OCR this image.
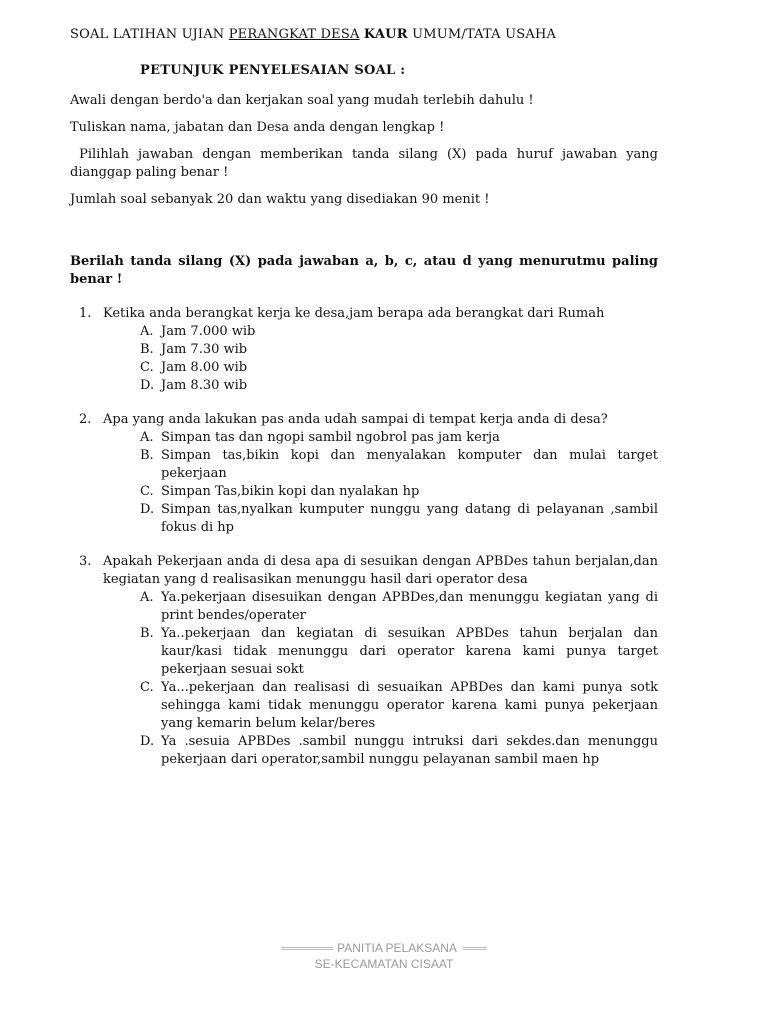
SOAL LATIHAN UJIAN PERANGKAT DESA KAUR UMUM/TATA USAHA
PETUNJUK PENYELESAIAN SOAL :
Awali dengan berdo'a dan kerjakan soal yang mudah terlebih dahulu !
Tuliskan nama, jabatan dan Desa anda dengan lengkap !
Pilihlah jawaban dengan memberikan tanda silang (X) pada huruf jawaban yang dianggap paling benar !
Jumlah soal sebanyak 20 dan waktu yang disediakan 90 menit !
Berilah tanda silang (X) pada jawaban a, b, c, atau d yang menurutmu paling benar !
1. Ketika anda berangkat kerja ke desa,jam berapa ada berangkat dari Rumah
A. Jam 7.000 wib
B. Jam 7.30 wib
C. Jam 8.00 wib
D. Jam 8.30 wib
2. Apa yang anda lakukan pas anda udah sampai di tempat kerja anda di desa?
A. Simpan tas dan ngopi sambil ngobrol pas jam kerja
B. Simpan tas,bikin kopi dan menyalakan komputer dan mulai target pekerjaan
C. Simpan Tas,bikin kopi dan nyalakan hp
D. Simpan tas,nyalkan kumputer nunggu yang datang di pelayanan ,sambil fokus di hp
3. Apakah Pekerjaan anda di desa apa di sesuikan dengan APBDes tahun berjalan,dan kegiatan yang d realisasikan menunggu hasil dari operator desa
A. Ya.pekerjaan disesuikan dengan APBDes,dan menunggu kegiatan yang di print bendes/operater
B. Ya..pekerjaan dan kegiatan di sesuikan APBDes tahun berjalan dan kaur/kasi tidak menunggu dari operator karena kami punya target pekerjaan sesuai sokt
C. Ya...pekerjaan dan realisasi di sesuaikan APBDes dan kami punya sotk sehingga kami tidak menunggu operator karena kami punya pekerjaan yang kemarin belum kelar/beres
D. Ya .sesuia APBDes .sambil nunggu intruksi dari sekdes.dan menunggu pekerjaan dari operator,sambil nunggu pelayanan sambil maen hp
PANITIA PELAKSANA
SE-KECAMATAN CISAAT
